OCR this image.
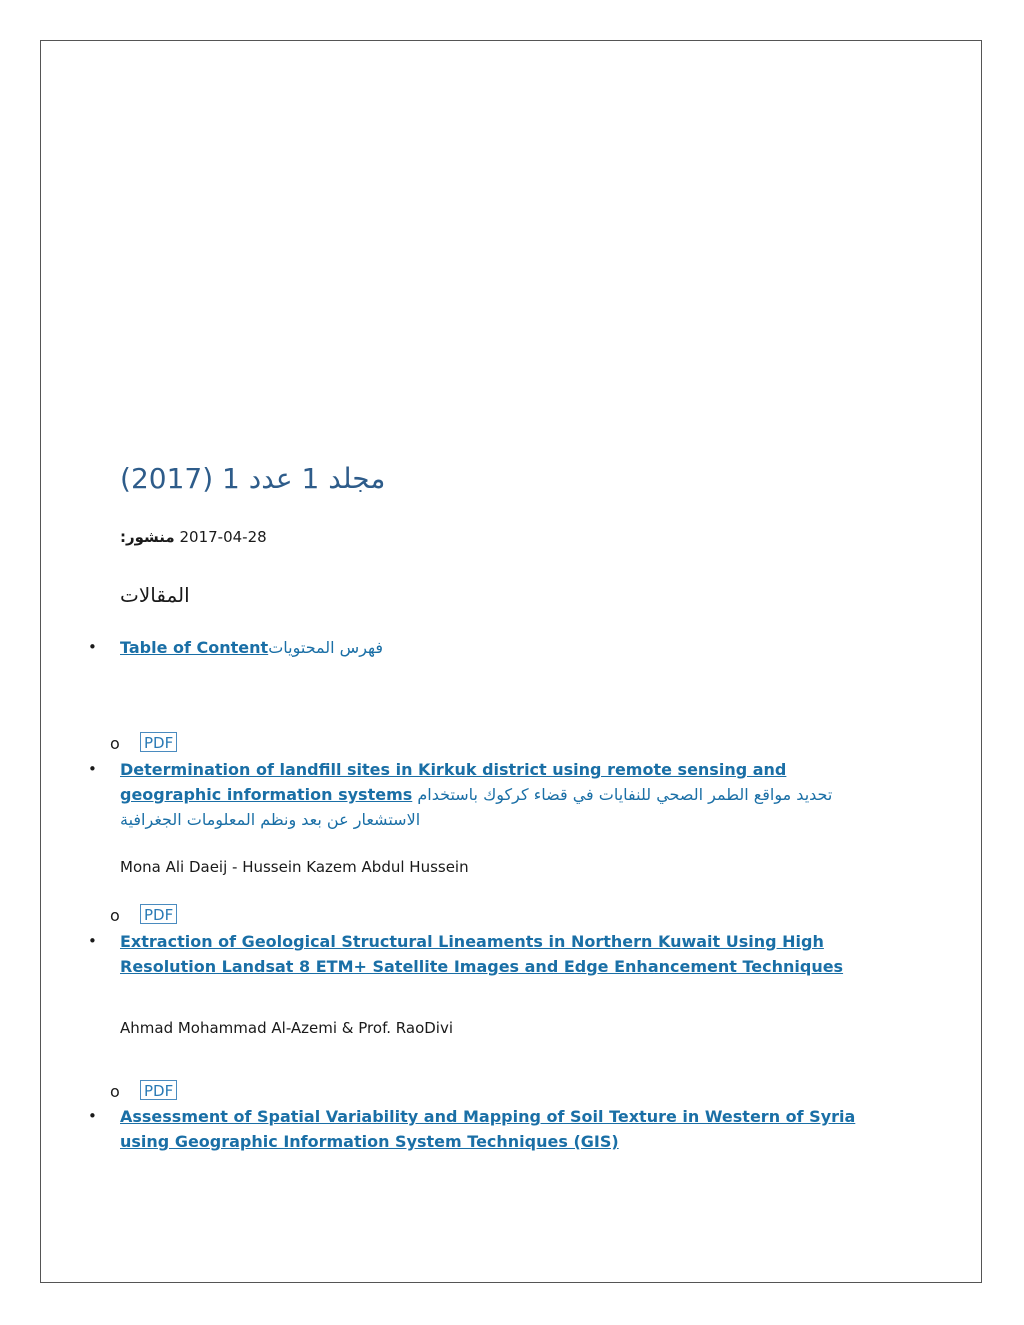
مجلد 1 عدد 1 (2017)
منشور: 2017-04-28
المقالات
• Table of Contentفهرس المحتويات
o PDF
• Determination of landfill sites in Kirkuk district using remote sensing and geographic information systems تحديد مواقع الطمر الصحي للنفايات في قضاء كركوك باستخدام الاستشعار عن بعد ونظم المعلومات الجغرافية
Mona Ali Daeij - Hussein Kazem Abdul Hussein
o PDF
• Extraction of Geological Structural Lineaments in Northern Kuwait Using High Resolution Landsat 8 ETM+ Satellite Images and Edge Enhancement Techniques
Ahmad Mohammad Al-Azemi & Prof. RaoDivi
o PDF
• Assessment of Spatial Variability and Mapping of Soil Texture in Western of Syria using Geographic Information System Techniques (GIS)
